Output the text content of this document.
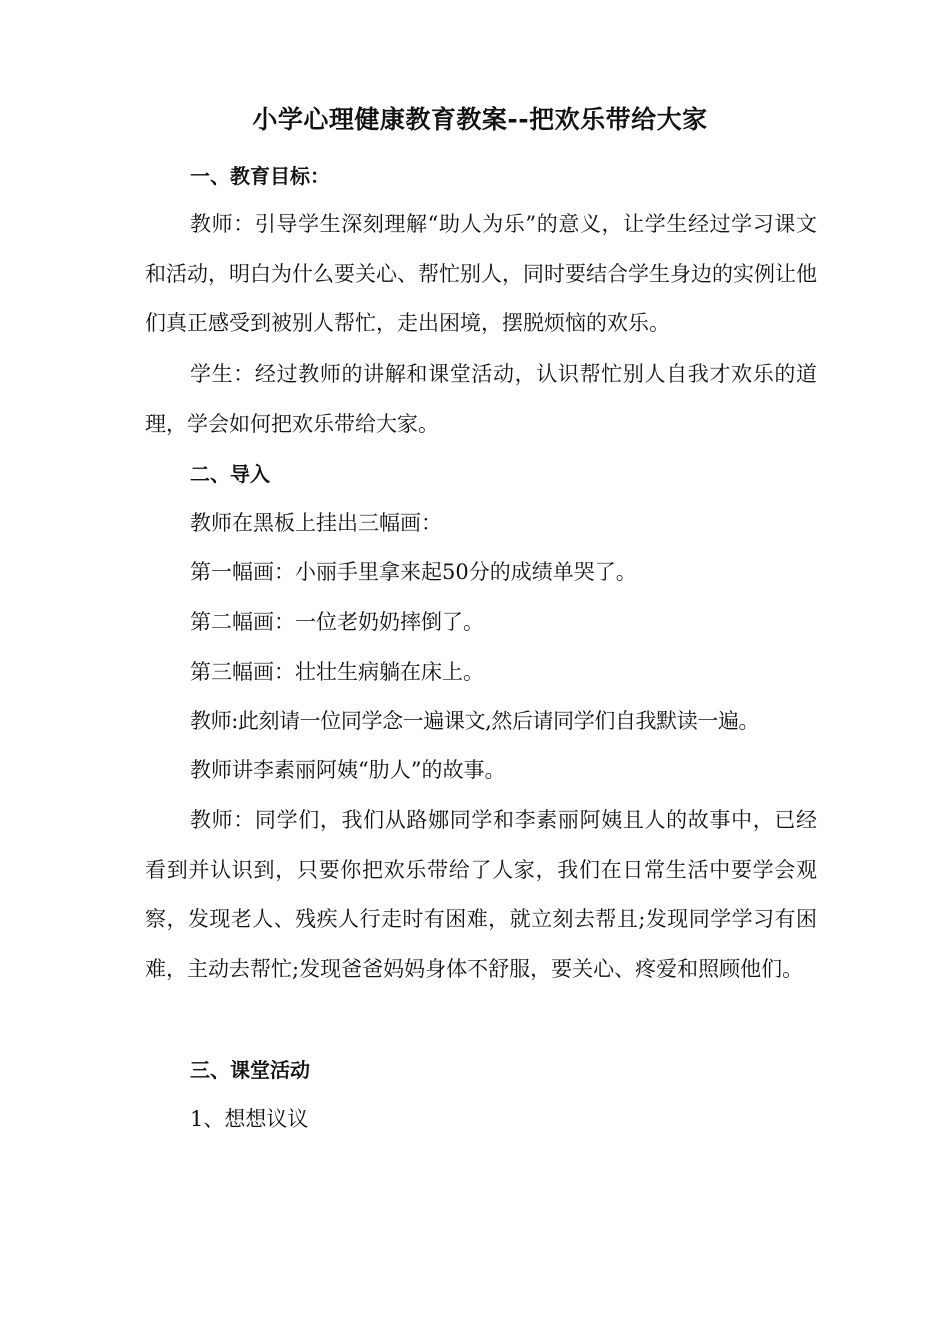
小学心理健康教育教案--把欢乐带给大家
一、教育目标：

教师：引导学生深刻理解“助人为乐”的意义，让学生经过学习课文和活动，明白为什么要关心、帮忙别人，同时要结合学生身边的实例让他们真正感受到被别人帮忙，走出困境，摆脱烦恼的欢乐。

学生：经过教师的讲解和课堂活动，认识帮忙别人自我才欢乐的道理，学会如何把欢乐带给大家。

二、导入

教师在黑板上挂出三幅画：

第一幅画：小丽手里拿来起50分的成绩单哭了。

第二幅画：一位老奶奶摔倒了。

第三幅画：壮壮生病躺在床上。

教师:此刻请一位同学念一遍课文,然后请同学们自我默读一遍。

教师讲李素丽阿姨“肋人”的故事。

教师：同学们，我们从路娜同学和李素丽阿姨且人的故事中，已经看到并认识到，只要你把欢乐带给了人家，我们在日常生活中要学会观察，发现老人、残疾人行走时有困难，就立刻去帮且;发现同学学习有困难，主动去帮忙;发现爸爸妈妈身体不舒服，要关心、疼爱和照顾他们。

三、课堂活动

1、想想议议
